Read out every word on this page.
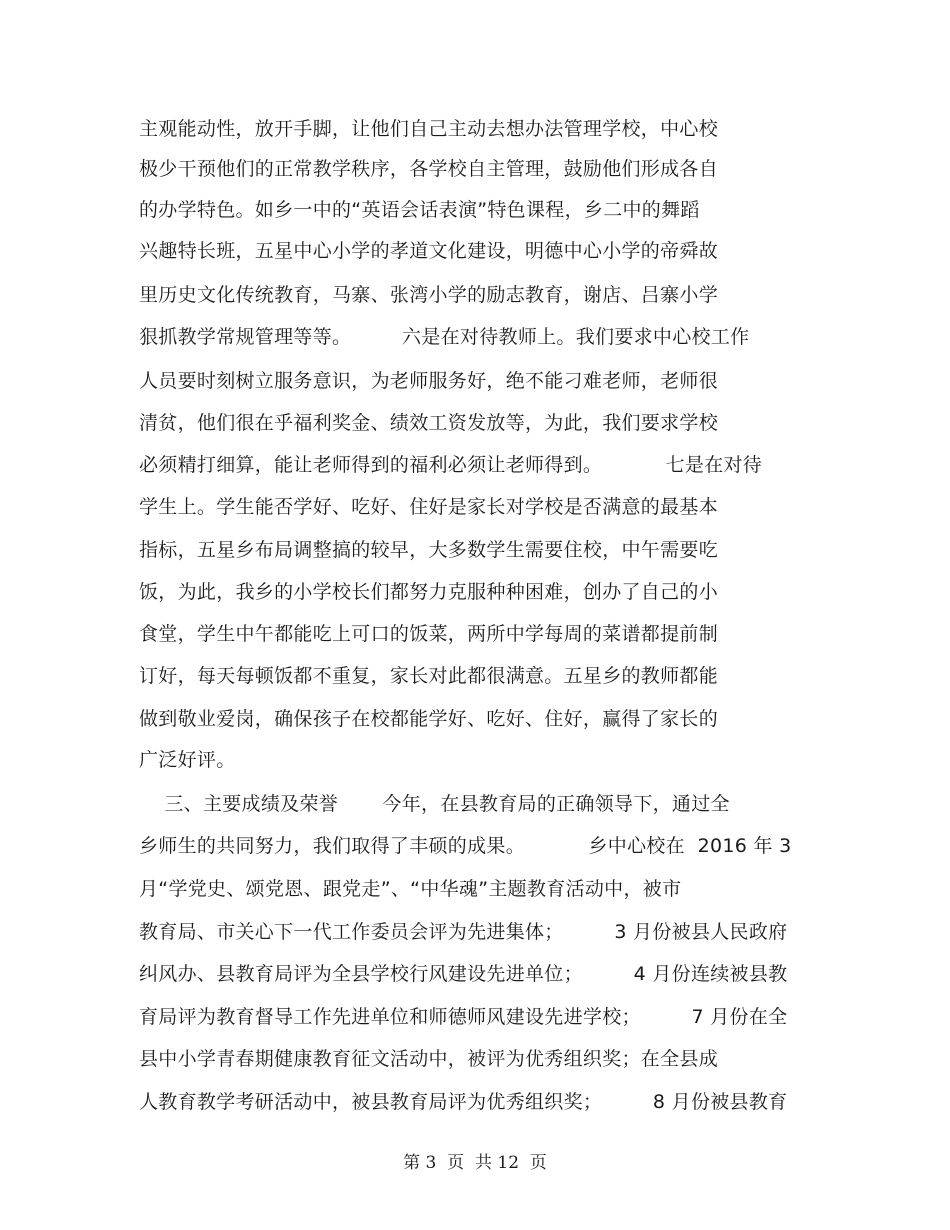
主观能动性，放开手脚，让他们自己主动去想办法管理学校，中心校
极少干预他们的正常教学秩序，各学校自主管理，鼓励他们形成各自
的办学特色。如乡一中的“英语会话表演”特色课程，乡二中的舞蹈
兴趣特长班，五星中心小学的孝道文化建设，明德中心小学的帝舜故
里历史文化传统教育，马寨、张湾小学的励志教育，谢店、吕寨小学
狠抓教学常规管理等等。        六是在对待教师上。我们要求中心校工作
人员要时刻树立服务意识，为老师服务好，绝不能刁难老师，老师很
清贫，他们很在乎福利奖金、绩效工资发放等，为此，我们要求学校
必须精打细算，能让老师得到的福利必须让老师得到。          七是在对待
学生上。学生能否学好、吃好、住好是家长对学校是否满意的最基本
指标，五星乡布局调整搞的较早，大多数学生需要住校，中午需要吃
饭，为此，我乡的小学校长们都努力克服种种困难，创办了自己的小
食堂，学生中午都能吃上可口的饭菜，两所中学每周的菜谱都提前制
订好，每天每顿饭都不重复，家长对此都很满意。五星乡的教师都能
做到敬业爱岗，确保孩子在校都能学好、吃好、住好，赢得了家长的
广泛好评。
三、主要成绩及荣誉       今年，在县教育局的正确领导下，通过全
乡师生的共同努力，我们取得了丰硕的成果。          乡中心校在  2016 年 3
月“学党史、颂党恩、跟党走”、“中华魂”主题教育活动中，被市
教育局、市关心下一代工作委员会评为先进集体；        3 月份被县人民政府
纠风办、县教育局评为全县学校行风建设先进单位；        4 月份连续被县教
育局评为教育督导工作先进单位和师德师风建设先进学校；        7 月份在全
县中小学青春期健康教育征文活动中，被评为优秀组织奖；在全县成
人教育教学考研活动中，被县教育局评为优秀组织奖；        8 月份被县教育
第 3  页  共 12  页
